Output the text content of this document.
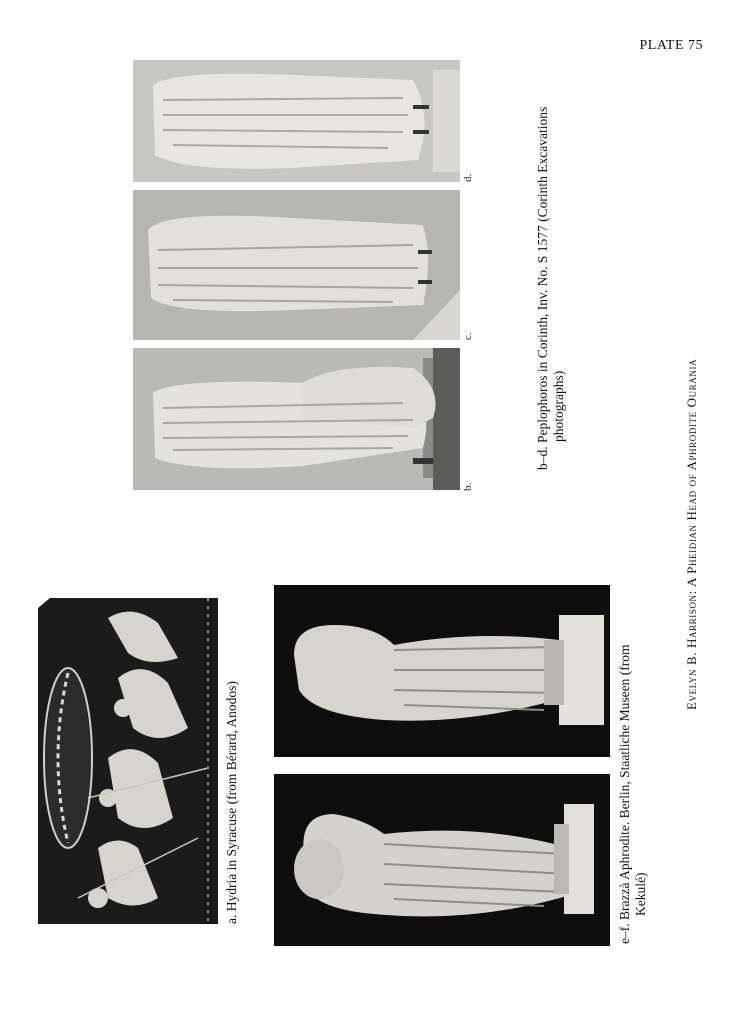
PLATE 75
b.
c.
d.	b–d. Peplophoros in Corinth, Inv. No. S 1577 (Corinth Excavations photographs)
a. Hydria in Syracuse (from Bérard, Anodos)	e–f. Brazzà Aphrodite. Berlin, Staatliche Museen (from Kekulé)
Evelyn B. Harrison: A Pheidian Head of Aphrodite Ourania
